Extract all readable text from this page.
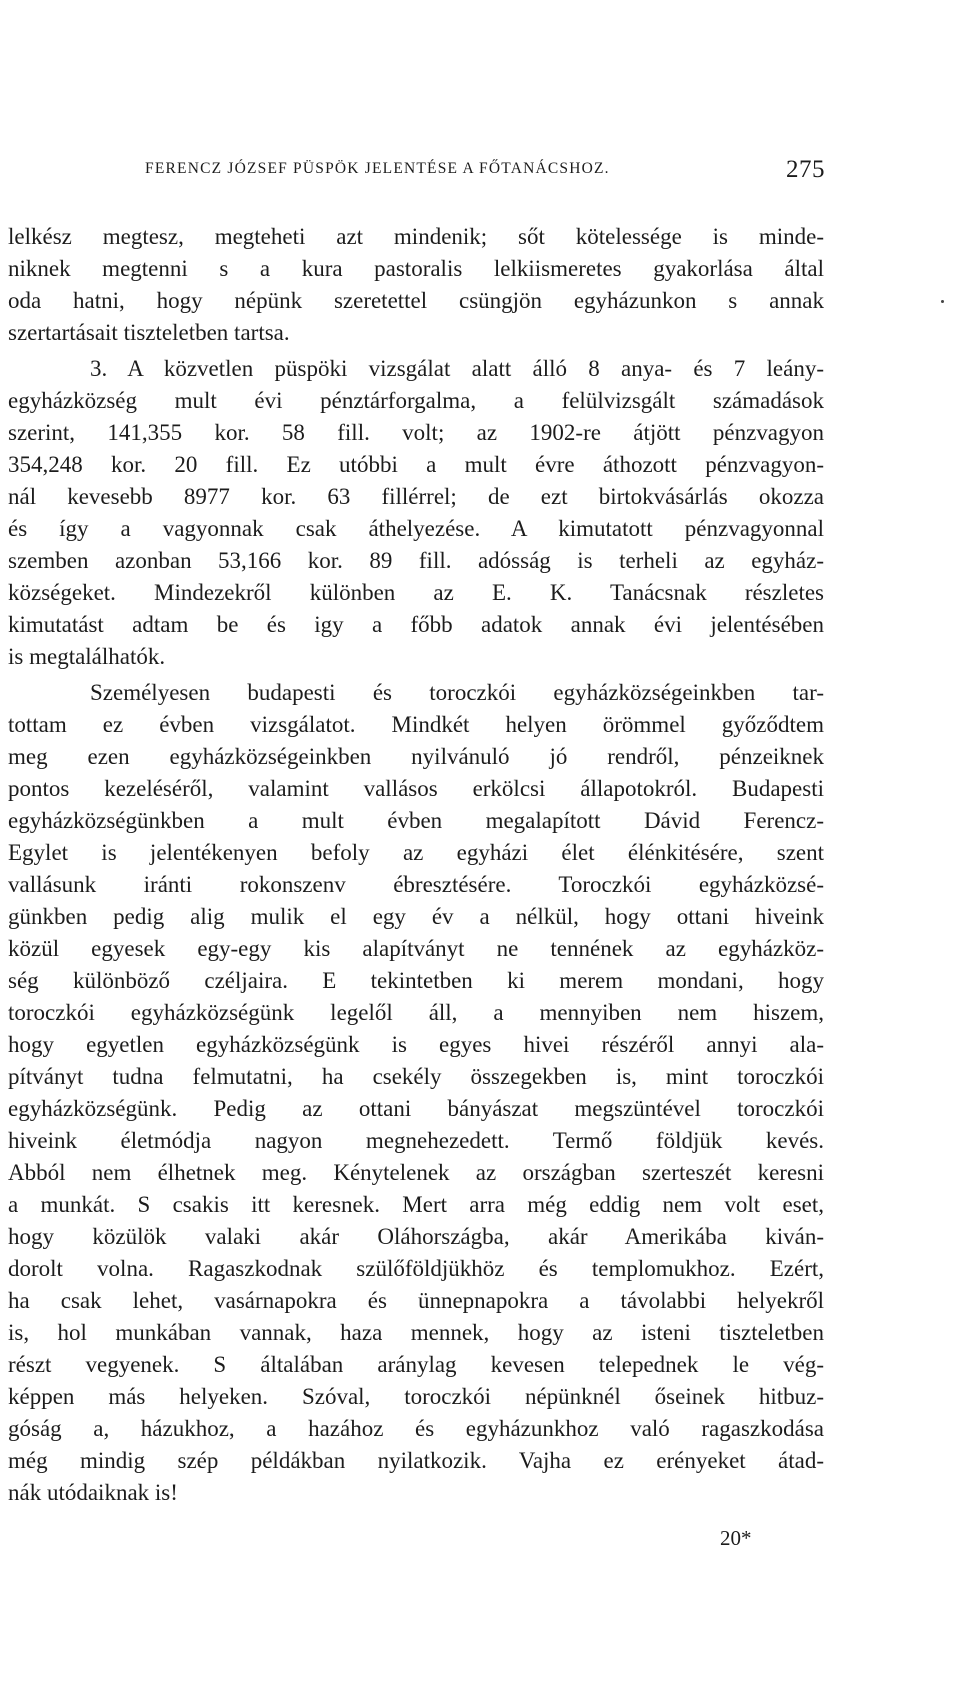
FERENCZ JÓZSEF PÜSPÖK JELENTÉSE A FŐTANÁCSHOZ.	275
lelkész megtesz, megteheti azt mindenik; sőt kötelessége is minde-
niknek megtenni s a kura pastoralis lelkiismeretes gyakorlása által
oda hatni, hogy népünk szeretettel csüngjön egyházunkon s annak
szertartásait tiszteletben tartsa.
3. A közvetlen püspöki vizsgálat alatt álló 8 anya- és 7 leány-
egyházközség mult évi pénztárforgalma, a felülvizsgált számadások
szerint, 141,355 kor. 58 fill. volt; az 1902-re átjött pénzvagyon
354,248 kor. 20 fill. Ez utóbbi a mult évre áthozott pénzvagyon-
nál kevesebb 8977 kor. 63 fillérrel; de ezt birtokvásárlás okozza
és így a vagyonnak csak áthelyezése. A kimutatott pénzvagyonnal
szemben azonban 53,166 kor. 89 fill. adósság is terheli az egyház-
községeket. Mindezekről különben az E. K. Tanácsnak részletes
kimutatást adtam be és igy a főbb adatok annak évi jelentésében
is megtalálhatók.
Személyesen budapesti és toroczkói egyházközségeinkben tar-
tottam ez évben vizsgálatot. Mindkét helyen örömmel győződtem
meg ezen egyházközségeinkben nyilvánuló jó rendről, pénzeiknek
pontos kezeléséről, valamint vallásos erkölcsi állapotokról. Budapesti
egyházközségünkben a mult évben megalapított Dávid Ferencz-
Egylet is jelentékenyen befoly az egyházi élet élénkitésére, szent
vallásunk iránti rokonszenv ébresztésére. Toroczkói egyházközsé-
günkben pedig alig mulik el egy év a nélkül, hogy ottani hiveink
közül egyesek egy-egy kis alapítványt ne tennének az egyházköz-
ség különböző czéljaira. E tekintetben ki merem mondani, hogy
toroczkói egyházközségünk legelől áll, a mennyiben nem hiszem,
hogy egyetlen egyházközségünk is egyes hivei részéről annyi ala-
pítványt tudna felmutatni, ha csekély összegekben is, mint toroczkói
egyházközségünk. Pedig az ottani bányászat megszüntével toroczkói
hiveink életmódja nagyon megnehezedett. Termő földjük kevés.
Abból nem élhetnek meg. Kénytelenek az országban szerteszét keresni
a munkát. S csakis itt keresnek. Mert arra még eddig nem volt eset,
hogy közülök valaki akár Oláhországba, akár Amerikába kiván-
dorolt volna. Ragaszkodnak szülőföldjükhöz és templomukhoz. Ezért,
ha csak lehet, vasárnapokra és ünnepnapokra a távolabbi helyekről
is, hol munkában vannak, haza mennek, hogy az isteni tiszteletben
részt vegyenek. S általában aránylag kevesen telepednek le vég-
képpen más helyeken. Szóval, toroczkói népünknél őseinek hitbuz-
góság a, házukhoz, a hazához és egyházunkhoz való ragaszkodása
még mindig szép példákban nyilatkozik. Vajha ez erényeket átad-
nák utódaiknak is!
20*
